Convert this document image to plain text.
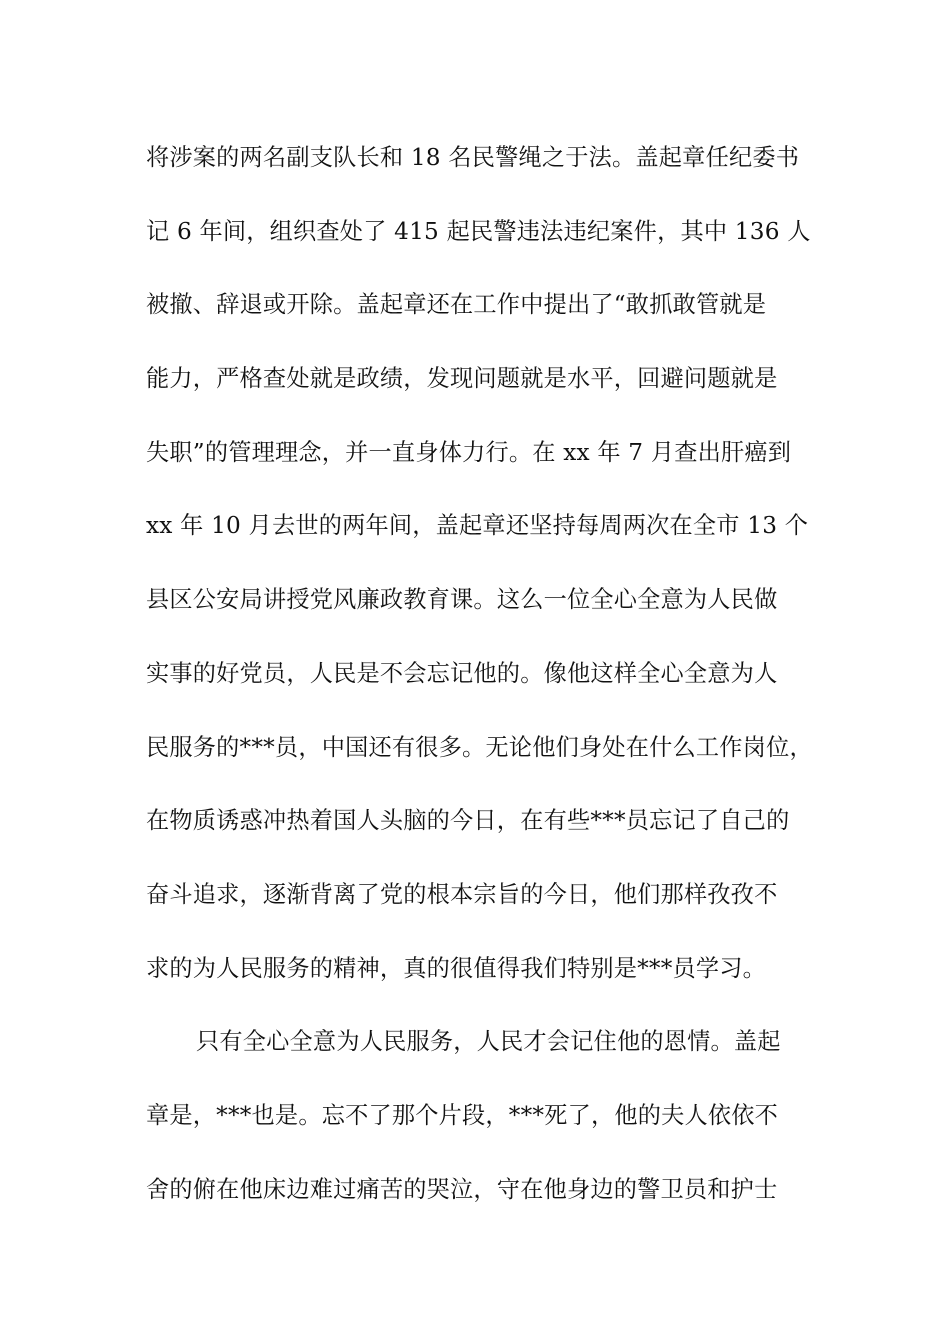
将涉案的两名副支队长和 18 名民警绳之于法。盖起章任纪委书
记 6 年间，组织查处了 415 起民警违法违纪案件，其中 136 人
被撤、辞退或开除。盖起章还在工作中提出了“敢抓敢管就是
能力，严格查处就是政绩，发现问题就是水平，回避问题就是
失职”的管理理念，并一直身体力行。在 xx 年 7 月查出肝癌到
xx 年 10 月去世的两年间，盖起章还坚持每周两次在全市 13 个
县区公安局讲授党风廉政教育课。这么一位全心全意为人民做
实事的好党员，人民是不会忘记他的。像他这样全心全意为人
民服务的***员，中国还有很多。无论他们身处在什么工作岗位，
在物质诱惑冲热着国人头脑的今日，在有些***员忘记了自己的
奋斗追求，逐渐背离了党的根本宗旨的今日，他们那样孜孜不
求的为人民服务的精神，真的很值得我们特别是***员学习。
只有全心全意为人民服务，人民才会记住他的恩情。盖起
章是，***也是。忘不了那个片段，***死了，他的夫人依依不
舍的俯在他床边难过痛苦的哭泣，守在他身边的警卫员和护士
